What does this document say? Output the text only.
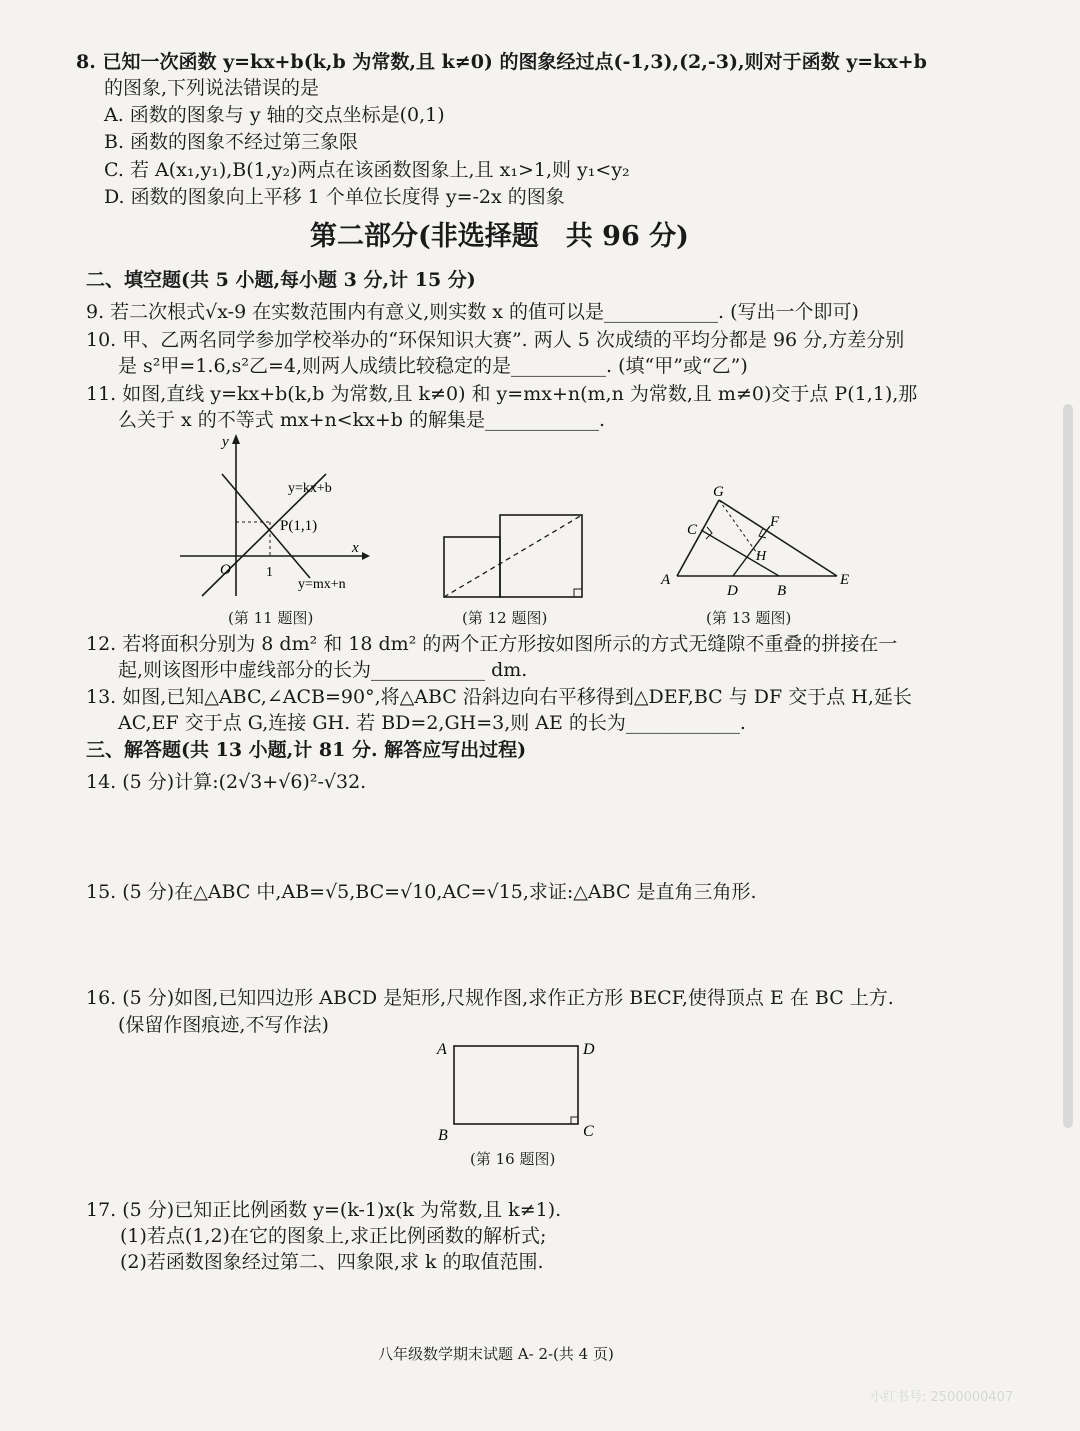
8. 已知一次函数 y=kx+b(k,b 为常数,且 k≠0) 的图象经过点(-1,3),(2,-3),则对于函数 y=kx+b
的图象,下列说法错误的是
A. 函数的图象与 y 轴的交点坐标是(0,1)
B. 函数的图象不经过第三象限
C. 若 A(x₁,y₁),B(1,y₂)两点在该函数图象上,且 x₁>1,则 y₁<y₂
D. 函数的图象向上平移 1 个单位长度得 y=-2x 的图象
第二部分(非选择题　共 96 分)
二、填空题(共 5 小题,每小题 3 分,计 15 分)
9. 若二次根式√x-9 在实数范围内有意义,则实数 x 的值可以是____________. (写出一个即可)
10. 甲、乙两名同学参加学校举办的“环保知识大赛”. 两人 5 次成绩的平均分都是 96 分,方差分别
是 s²甲=1.6,s²乙=4,则两人成绩比较稳定的是__________. (填“甲”或“乙”)
11. 如图,直线 y=kx+b(k,b 为常数,且 k≠0) 和 y=mx+n(m,n 为常数,且 m≠0)交于点 P(1,1),那
么关于 x 的不等式 mx+n<kx+b 的解集是____________.
y
x
O	1
y=kx+b
y=mx+n
P(1,1)
(第 11 题图)	(第 12 题图)
G
C	F
H
A
D	B
E
(第 13 题图)
12. 若将面积分别为 8 dm² 和 18 dm² 的两个正方形按如图所示的方式无缝隙不重叠的拼接在一
起,则该图形中虚线部分的长为____________ dm.
13. 如图,已知△ABC,∠ACB=90°,将△ABC 沿斜边向右平移得到△DEF,BC 与 DF 交于点 H,延长
AC,EF 交于点 G,连接 GH. 若 BD=2,GH=3,则 AE 的长为____________.
三、解答题(共 13 小题,计 81 分. 解答应写出过程)
14. (5 分)计算:(2√3+√6)²-√32.
15. (5 分)在△ABC 中,AB=√5,BC=√10,AC=√15,求证:△ABC 是直角三角形.
16. (5 分)如图,已知四边形 ABCD 是矩形,尺规作图,求作正方形 BECF,使得顶点 E 在 BC 上方.
(保留作图痕迹,不写作法)
A	D
B	C
(第 16 题图)
17. (5 分)已知正比例函数 y=(k-1)x(k 为常数,且 k≠1).
(1)若点(1,2)在它的图象上,求正比例函数的解析式;
(2)若函数图象经过第二、四象限,求 k 的取值范围.
八年级数学期末试题 A- 2-(共 4 页)
小红书号: 2500000407
